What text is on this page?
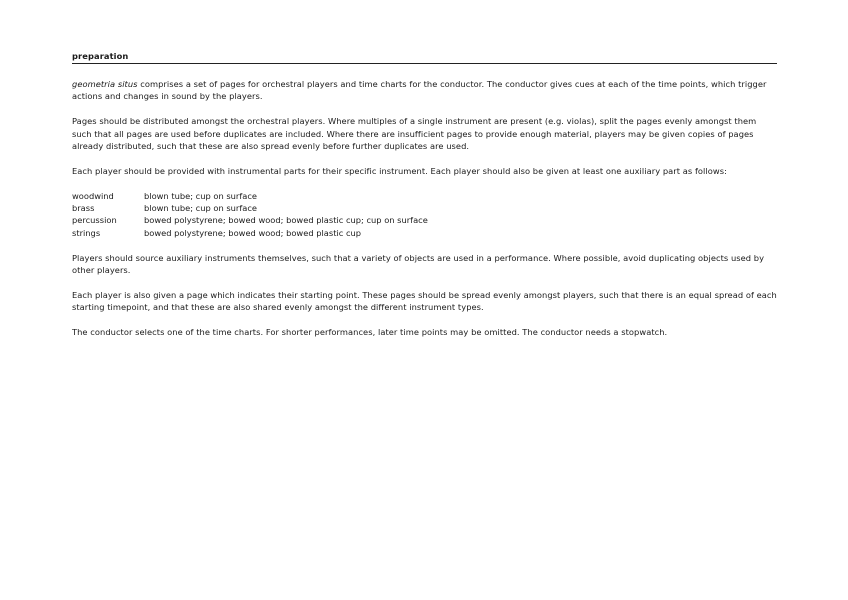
preparation

geometria situs comprises a set of pages for orchestral players and time charts for the conductor. The conductor gives cues at each of the time points, which trigger actions and changes in sound by the players.

Pages should be distributed amongst the orchestral players. Where multiples of a single instrument are present (e.g. violas), split the pages evenly amongst them such that all pages are used before duplicates are included. Where there are insufficient pages to provide enough material, players may be given copies of pages already distributed, such that these are also spread evenly before further duplicates are used.

Each player should be provided with instrumental parts for their specific instrument. Each player should also be given at least one auxiliary part as follows:

woodwind	blown tube; cup on surface
brass	blown tube; cup on surface
percussion	bowed polystyrene; bowed wood; bowed plastic cup; cup on surface
strings	bowed polystyrene; bowed wood; bowed plastic cup

Players should source auxiliary instruments themselves, such that a variety of objects are used in a performance. Where possible, avoid duplicating objects used by other players.

Each player is also given a page which indicates their starting point. These pages should be spread evenly amongst players, such that there is an equal spread of each starting timepoint, and that these are also shared evenly amongst the different instrument types.

The conductor selects one of the time charts. For shorter performances, later time points may be omitted. The conductor needs a stopwatch.
